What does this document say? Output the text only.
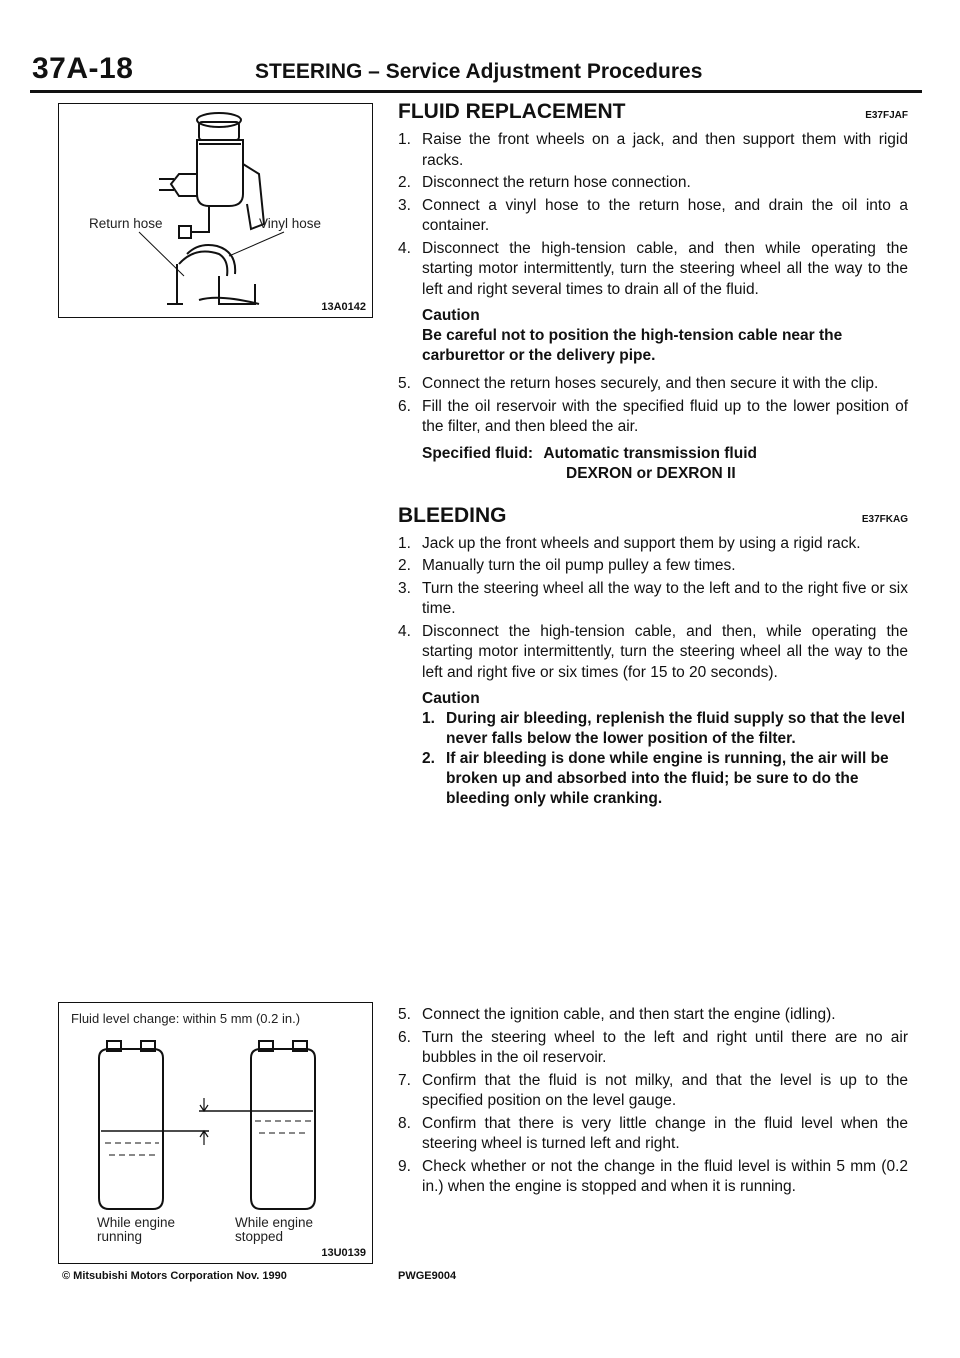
37A-18	STEERING – Service Adjustment Procedures
Return hose	Vinyl hose
13A0142
Fluid level change: within 5 mm (0.2 in.)
While engine
running
While engine
stopped
13U0139
FLUID REPLACEMENT	E37FJAF
1. Raise the front wheels on a jack, and then support them with rigid racks.
2. Disconnect the return hose connection.
3. Connect a vinyl hose to the return hose, and drain the oil into a container.
4. Disconnect the high-tension cable, and then while operating the starting motor intermittently, turn the steering wheel all the way to the left and right several times to drain all of the fluid.
Caution
Be careful not to position the high-tension cable near the carburettor or the delivery pipe.
5. Connect the return hoses securely, and then secure it with the clip.
6. Fill the oil reservoir with the specified fluid up to the lower position of the filter, and then bleed the air.
Specified fluid: Automatic transmission fluid
DEXRON or DEXRON II
BLEEDING	E37FKAG
1. Jack up the front wheels and support them by using a rigid rack.
2. Manually turn the oil pump pulley a few times.
3. Turn the steering wheel all the way to the left and to the right five or six time.
4. Disconnect the high-tension cable, and then, while operating the starting motor intermittently, turn the steering wheel all the way to the left and right five or six times (for 15 to 20 seconds).
Caution
1. During air bleeding, replenish the fluid supply so that the level never falls below the lower position of the filter.
2. If air bleeding is done while engine is running, the air will be broken up and absorbed into the fluid; be sure to do the bleeding only while cranking.
5. Connect the ignition cable, and then start the engine (idling).
6. Turn the steering wheel to the left and right until there are no air bubbles in the oil reservoir.
7. Confirm that the fluid is not milky, and that the level is up to the specified position on the level gauge.
8. Confirm that there is very little change in the fluid level when the steering wheel is turned left and right.
9. Check whether or not the change in the fluid level is within 5 mm (0.2 in.) when the engine is stopped and when it is running.
© Mitsubishi Motors Corporation Nov. 1990	PWGE9004
